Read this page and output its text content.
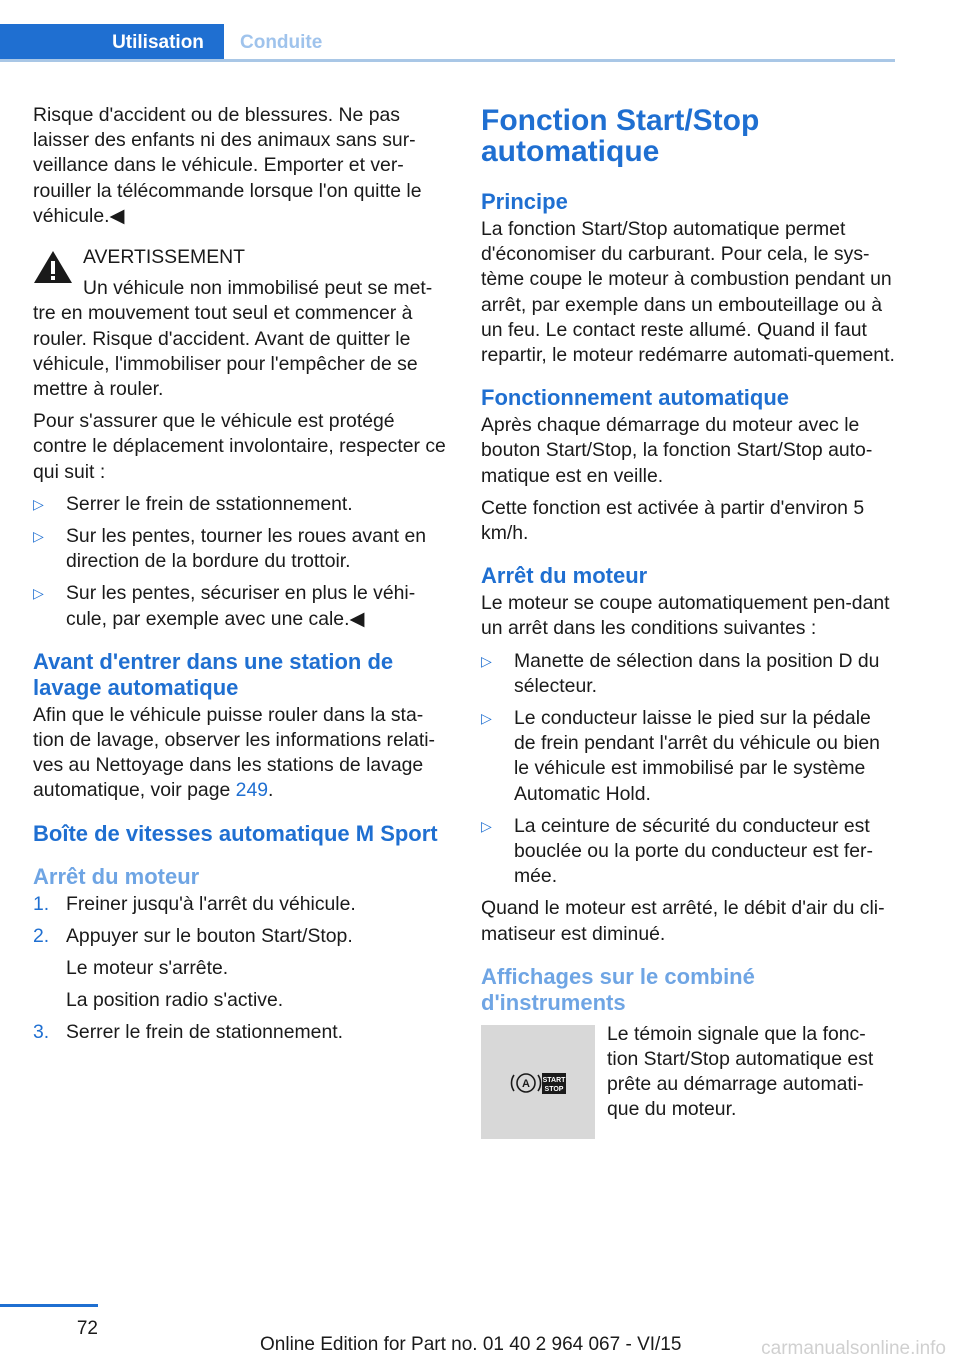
Utilisation Conduite

Risque d'accident ou de blessures. Ne pas laisser des enfants ni des animaux sans sur‐veillance dans le véhicule. Emporter et ver‐rouiller la télécommande lorsque l'on quitte le véhicule.◀

AVERTISSEMENT

Un véhicule non immobilisé peut se met‐tre en mouvement tout seul et commencer à rouler. Risque d'accident. Avant de quitter le véhicule, l'immobiliser pour l'empêcher de se mettre à rouler.

Pour s'assurer que le véhicule est protégé contre le déplacement involontaire, respecter ce qui suit :

▷ Serrer le frein de sstationnement.
▷ Sur les pentes, tourner les roues avant en direction de la bordure du trottoir.
▷ Sur les pentes, sécuriser en plus le véhi‐cule, par exemple avec une cale.◀
Avant d'entrer dans une station de lavage automatique

Afin que le véhicule puisse rouler dans la sta‐tion de lavage, observer les informations relati‐ves au Nettoyage dans les stations de lavage automatique, voir page 249.

Boîte de vitesses automatique M Sport
Arrêt du moteur
1. Freiner jusqu'à l'arrêt du véhicule.
2. Appuyer sur le bouton Start/Stop.
Le moteur s'arrête.
La position radio s'active.
3. Serrer le frein de stationnement.
Fonction Start/Stop automatique
Principe

La fonction Start/Stop automatique permet d'économiser du carburant. Pour cela, le sys‐tème coupe le moteur à combustion pendant un arrêt, par exemple dans un embouteillage ou à un feu. Le contact reste allumé. Quand il faut repartir, le moteur redémarre automati‐quement.

Fonctionnement automatique

Après chaque démarrage du moteur avec le bouton Start/Stop, la fonction Start/Stop auto‐matique est en veille.

Cette fonction est activée à partir d'environ 5 km/h.

Arrêt du moteur

Le moteur se coupe automatiquement pen‐dant un arrêt dans les conditions suivantes :

▷ Manette de sélection dans la position D du sélecteur.
▷ Le conducteur laisse le pied sur la pédale de frein pendant l'arrêt du véhicule ou bien le véhicule est immobilisé par le système Automatic Hold.
▷ La ceinture de sécurité du conducteur est bouclée ou la porte du conducteur est fer‐mée.

Quand le moteur est arrêté, le débit d'air du cli‐matiseur est diminué.

Affichages sur le combiné d'instruments
A START
STOP
Le témoin signale que la fonc‐tion Start/Stop automatique est prête au démarrage automati‐que du moteur.
72
Online Edition for Part no. 01 40 2 964 067 - VI/15	carmanualsonline.info
